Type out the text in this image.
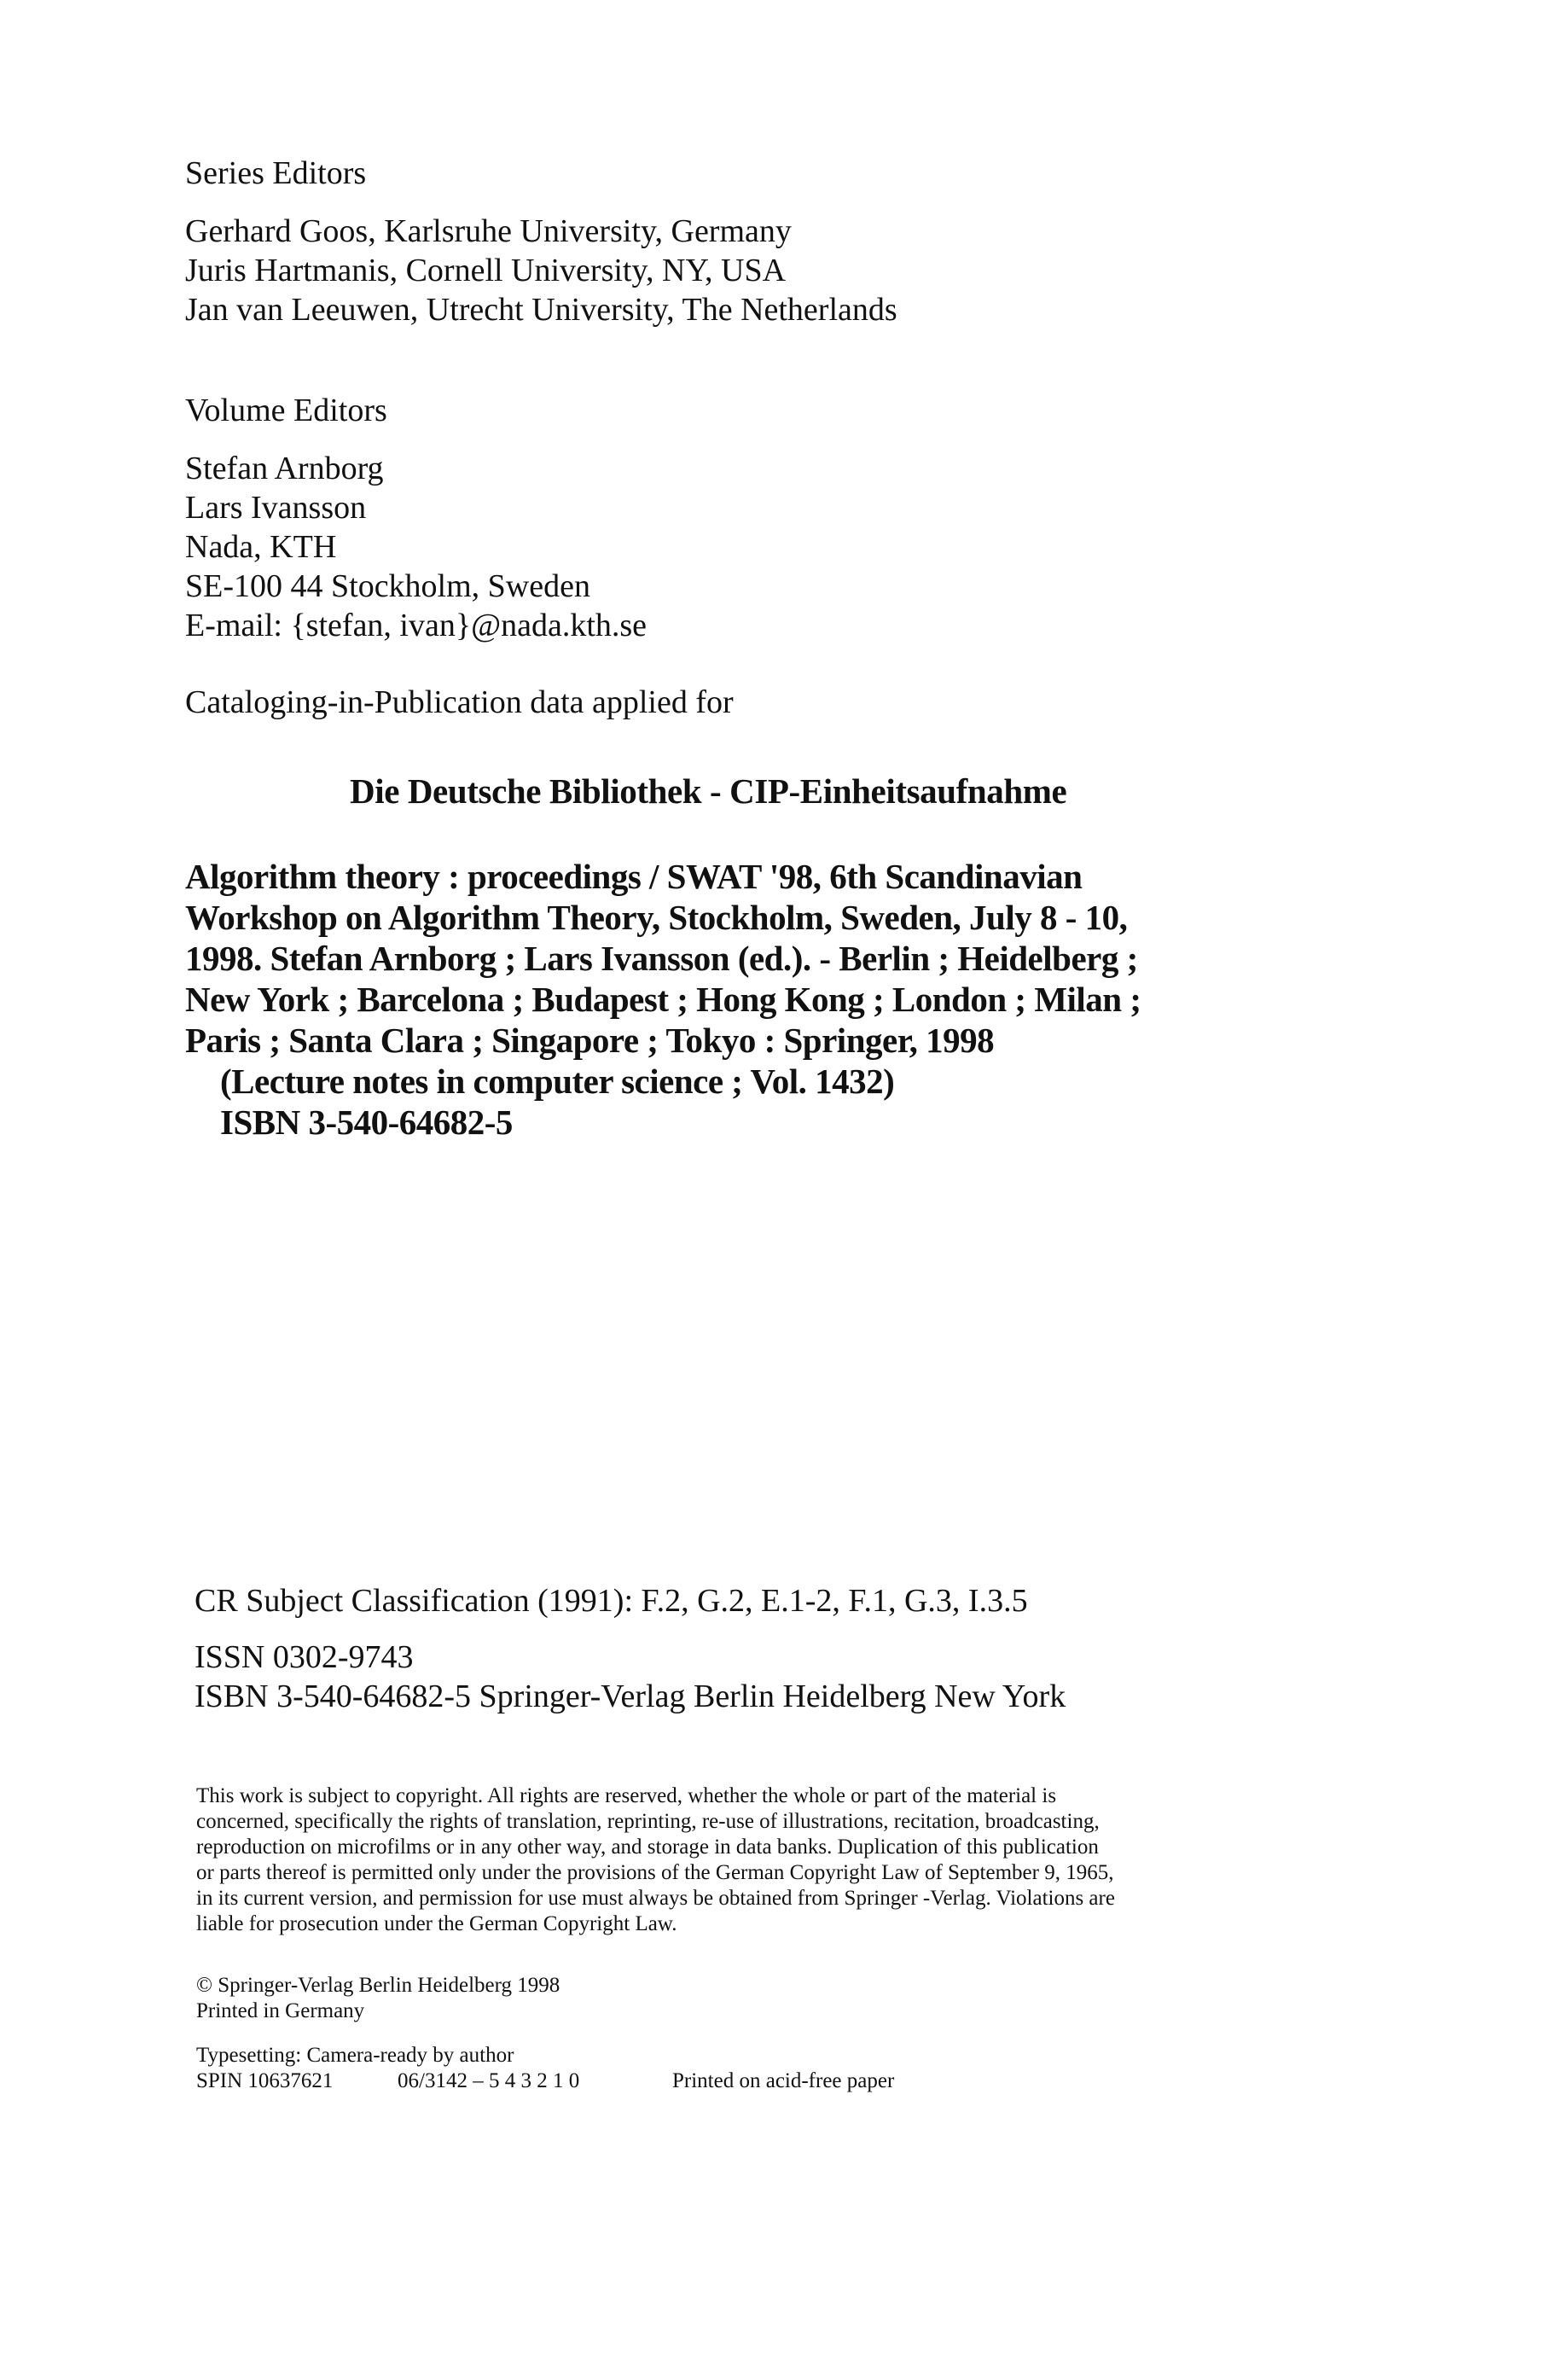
Series Editors
Gerhard Goos, Karlsruhe University, Germany
Juris Hartmanis, Cornell University, NY, USA
Jan van Leeuwen, Utrecht University, The Netherlands
Volume Editors
Stefan Arnborg
Lars Ivansson
Nada, KTH
SE-100 44 Stockholm, Sweden
E-mail: {stefan, ivan}@nada.kth.se
Cataloging-in-Publication data applied for
Die Deutsche Bibliothek - CIP-Einheitsaufnahme
Algorithm theory : proceedings / SWAT '98, 6th Scandinavian
Workshop on Algorithm Theory, Stockholm, Sweden, July 8 - 10,
1998. Stefan Arnborg ; Lars Ivansson (ed.). - Berlin ; Heidelberg ;
New York ; Barcelona ; Budapest ; Hong Kong ; London ; Milan ;
Paris ; Santa Clara ; Singapore ; Tokyo : Springer, 1998
(Lecture notes in computer science ; Vol. 1432)
ISBN 3-540-64682-5
CR Subject Classification (1991): F.2, G.2, E.1-2, F.1, G.3, I.3.5
ISSN 0302-9743
ISBN 3-540-64682-5 Springer-Verlag Berlin Heidelberg New York
This work is subject to copyright. All rights are reserved, whether the whole or part of the material is
concerned, specifically the rights of translation, reprinting, re-use of illustrations, recitation, broadcasting,
reproduction on microfilms or in any other way, and storage in data banks. Duplication of this publication
or parts thereof is permitted only under the provisions of the German Copyright Law of September 9, 1965,
in its current version, and permission for use must always be obtained from Springer -Verlag. Violations are
liable for prosecution under the German Copyright Law.
© Springer-Verlag Berlin Heidelberg 1998
Printed in Germany
Typesetting: Camera-ready by author
SPIN 10637621	06/3142 – 5 4 3 2 1 0	Printed on acid-free paper
